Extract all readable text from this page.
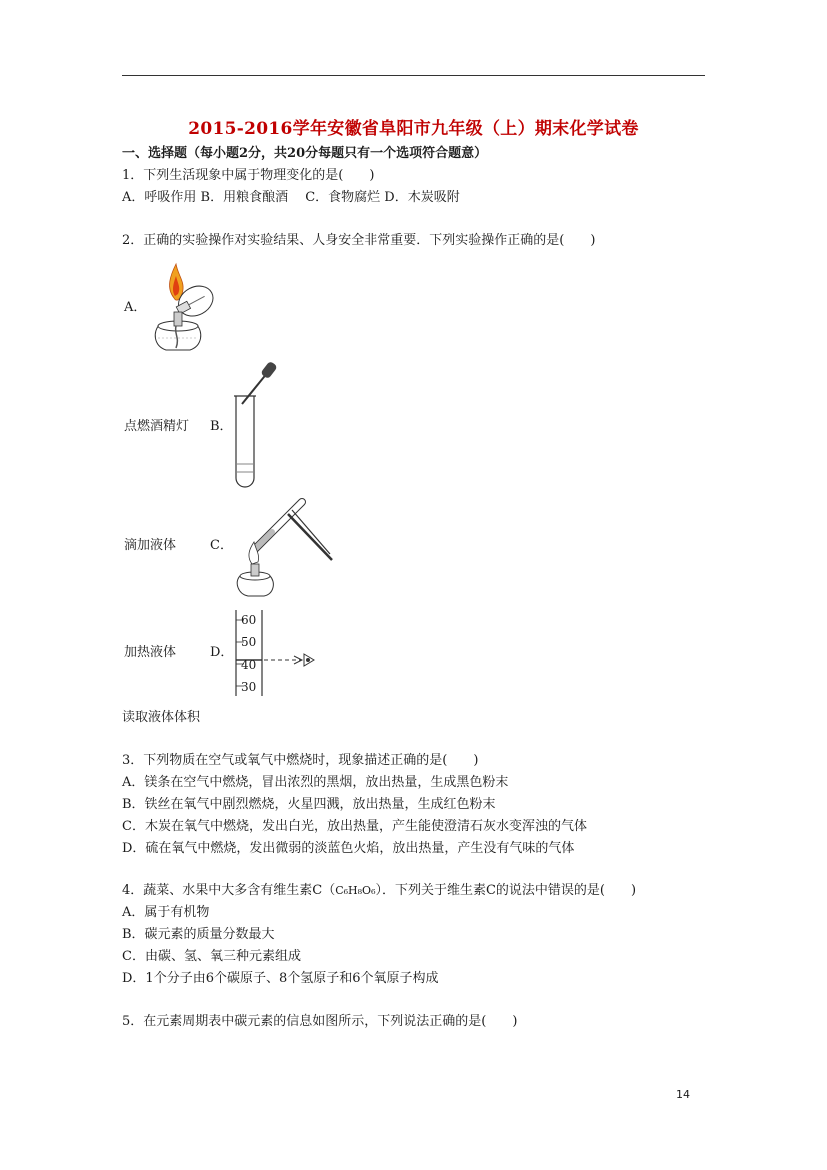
2015-2016学年安徽省阜阳市九年级（上）期末化学试卷
一、选择题（每小题2分，共20分每题只有一个选项符合题意）
1．下列生活现象中属于物理变化的是(　　)
A．呼吸作用 B．用粮食酿酒　 C．食物腐烂 D．木炭吸附
2．正确的实验操作对实验结果、人身安全非常重要．下列实验操作正确的是(　　)
A．
点燃酒精灯 B．
滴加液体	C．
加热液体	D．
60
50
40
30
读取液体体积
3．下列物质在空气或氧气中燃烧时，现象描述正确的是(　　)
A．镁条在空气中燃烧，冒出浓烈的黑烟，放出热量，生成黑色粉末
B．铁丝在氧气中剧烈燃烧，火星四溅，放出热量，生成红色粉末
C．木炭在氧气中燃烧，发出白光，放出热量，产生能使澄清石灰水变浑浊的气体
D．硫在氧气中燃烧，发出微弱的淡蓝色火焰，放出热量，产生没有气味的气体
4．蔬菜、水果中大多含有维生素C（C₆H₈O₆）．下列关于维生素C的说法中错误的是(　　)
A．属于有机物
B．碳元素的质量分数最大
C．由碳、氢、氧三种元素组成
D．1个分子由6个碳原子、8个氢原子和6个氧原子构成
5．在元素周期表中碳元素的信息如图所示，下列说法正确的是(　　)
14
